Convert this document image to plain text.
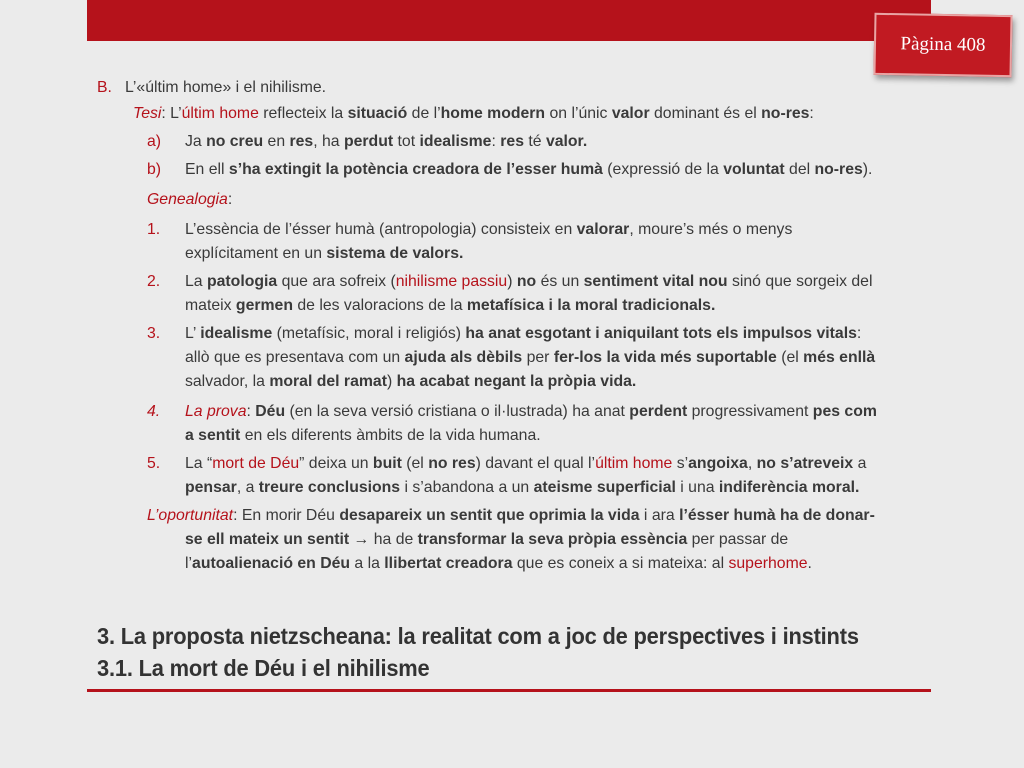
Pàgina 408
B. L’«últim home» i el nihilisme.
Tesi: L’últim home reflecteix la situació de l’home modern on l’únic valor dominant és el no-res:
a) Ja no creu en res, ha perdut tot idealisme: res té valor.
b) En ell s’ha extingit la potència creadora de l’esser humà (expressió de la voluntat del no-res).
Genealogia:
1. L’essència de l’ésser humà (antropologia) consisteix en valorar, moure’s més o menys
explícitament en un sistema de valors.
2. La patologia que ara sofreix (nihilisme passiu) no és un sentiment vital nou sinó que sorgeix del
mateix germen de les valoracions de la metafísica i la moral tradicionals.
3. L’ idealisme (metafísic, moral i religiós) ha anat esgotant i aniquilant tots els impulsos vitals:
allò que es presentava com un ajuda als dèbils per fer-los la vida més suportable (el més enllà
salvador, la moral del ramat) ha acabat negant la pròpia vida.
4. La prova: Déu (en la seva versió cristiana o il·lustrada) ha anat perdent progressivament pes com
a sentit en els diferents àmbits de la vida humana.
5. La “mort de Déu” deixa un buit (el no res) davant el qual l’últim home s’angoixa, no s’atreveix a
pensar, a treure conclusions i s’abandona a un ateisme superficial i una indiferència moral.
L’oportunitat: En morir Déu desapareix un sentit que oprimia la vida i ara l’ésser humà ha de donar-
se ell mateix un sentit → ha de transformar la seva pròpia essència per passar de
l’autoalienació en Déu a la llibertat creadora que es coneix a si mateixa: al superhome.
3. La proposta nietzscheana: la realitat com a joc de perspectives i instints
3.1. La mort de Déu i el nihilisme
